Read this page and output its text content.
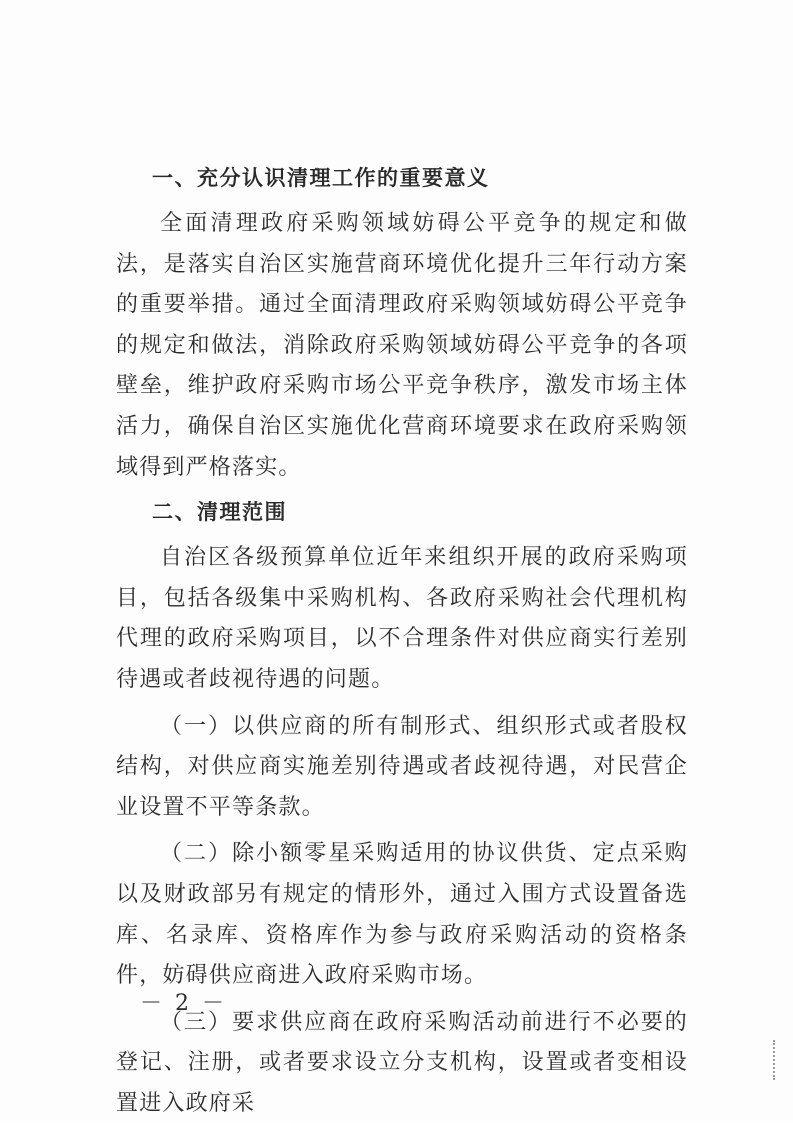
一、充分认识清理工作的重要意义

全面清理政府采购领域妨碍公平竞争的规定和做法，是落实自治区实施营商环境优化提升三年行动方案的重要举措。通过全面清理政府采购领域妨碍公平竞争的规定和做法，消除政府采购领域妨碍公平竞争的各项壁垒，维护政府采购市场公平竞争秩序，激发市场主体活力，确保自治区实施优化营商环境要求在政府采购领域得到严格落实。

二、清理范围

自治区各级预算单位近年来组织开展的政府采购项目，包括各级集中采购机构、各政府采购社会代理机构代理的政府采购项目，以不合理条件对供应商实行差别待遇或者歧视待遇的问题。

（一）以供应商的所有制形式、组织形式或者股权结构，对供应商实施差别待遇或者歧视待遇，对民营企业设置不平等条款。

（二）除小额零星采购适用的协议供货、定点采购以及财政部另有规定的情形外，通过入围方式设置备选库、名录库、资格库作为参与政府采购活动的资格条件，妨碍供应商进入政府采购市场。

（三）要求供应商在政府采购活动前进行不必要的登记、注册，或者要求设立分支机构，设置或者变相设置进入政府采

－ 2 －
